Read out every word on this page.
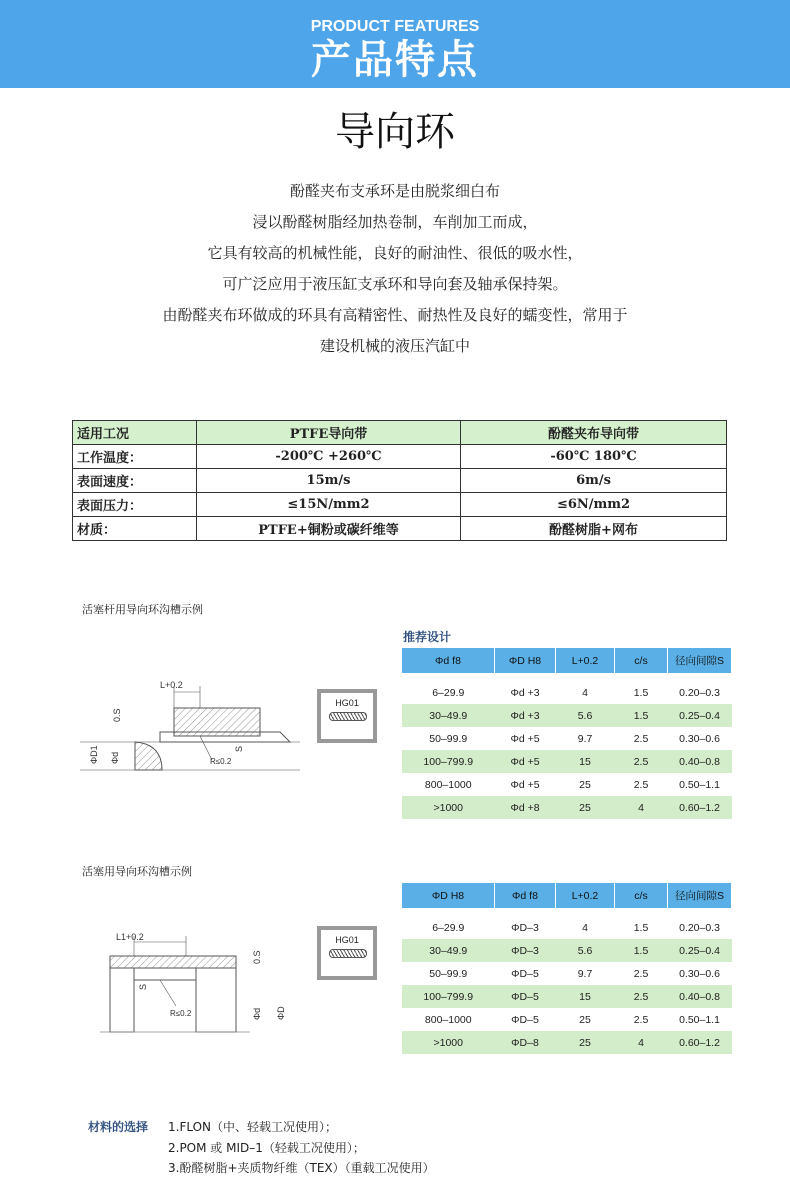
PRODUCT FEATURES
产品特点
导向环
酚醛夹布支承环是由脱浆细白布
浸以酚醛树脂经加热卷制，车削加工而成，
它具有较高的机械性能，良好的耐油性、很低的吸水性，
可广泛应用于液压缸支承环和导向套及轴承保持架。
由酚醛夹布环做成的环具有高精密性、耐热性及良好的蠕变性，常用于
建设机械的液压汽缸中
适用工况	PTFE导向带	酚醛夹布导向带
工作温度：	-200℃ +260℃	-60℃ 180℃
表面速度：	15m/s	6m/s
表面压力：	≤15N/mm2	≤6N/mm2
材质：	PTFE+铜粉或碳纤维等	酚醛树脂+网布
活塞杆用导向环沟槽示例
推荐设计
L+0.2
0.S
ΦD1 Φd	R≤0.2
S
HG01
Φd f8	ΦD H8	L+0.2	c/s	径向间隙S

6–29.9	Φd +3	4	1.5	0.20–0.3
30–49.9	Φd +3	5.6	1.5	0.25–0.4
50–99.9	Φd +5	9.7	2.5	0.30–0.6
100–799.9	Φd +5	15	2.5	0.40–0.8
800–1000	Φd +5	25	2.5	0.50–1.1
>1000	Φd +8	25	4	0.60–1.2
活塞用导向环沟槽示例
L1+0.2
0.S
S
R≤0.2	Φd ΦD
HG01
ΦD H8	Φd f8	L+0.2	c/s	径向间隙S

6–29.9	ΦD–3	4	1.5	0.20–0.3
30–49.9	ΦD–3	5.6	1.5	0.25–0.4
50–99.9	ΦD–5	9.7	2.5	0.30–0.6
100–799.9	ΦD–5	15	2.5	0.40–0.8
800–1000	ΦD–5	25	2.5	0.50–1.1
>1000	ΦD–8	25	4	0.60–1.2
材料的选择 1.FLON（中、轻载工况使用）；
2.POM 或 MID–1（轻载工况使用）；
3.酚醛树脂+夹质物纤维（TEX）（重载工况使用）
